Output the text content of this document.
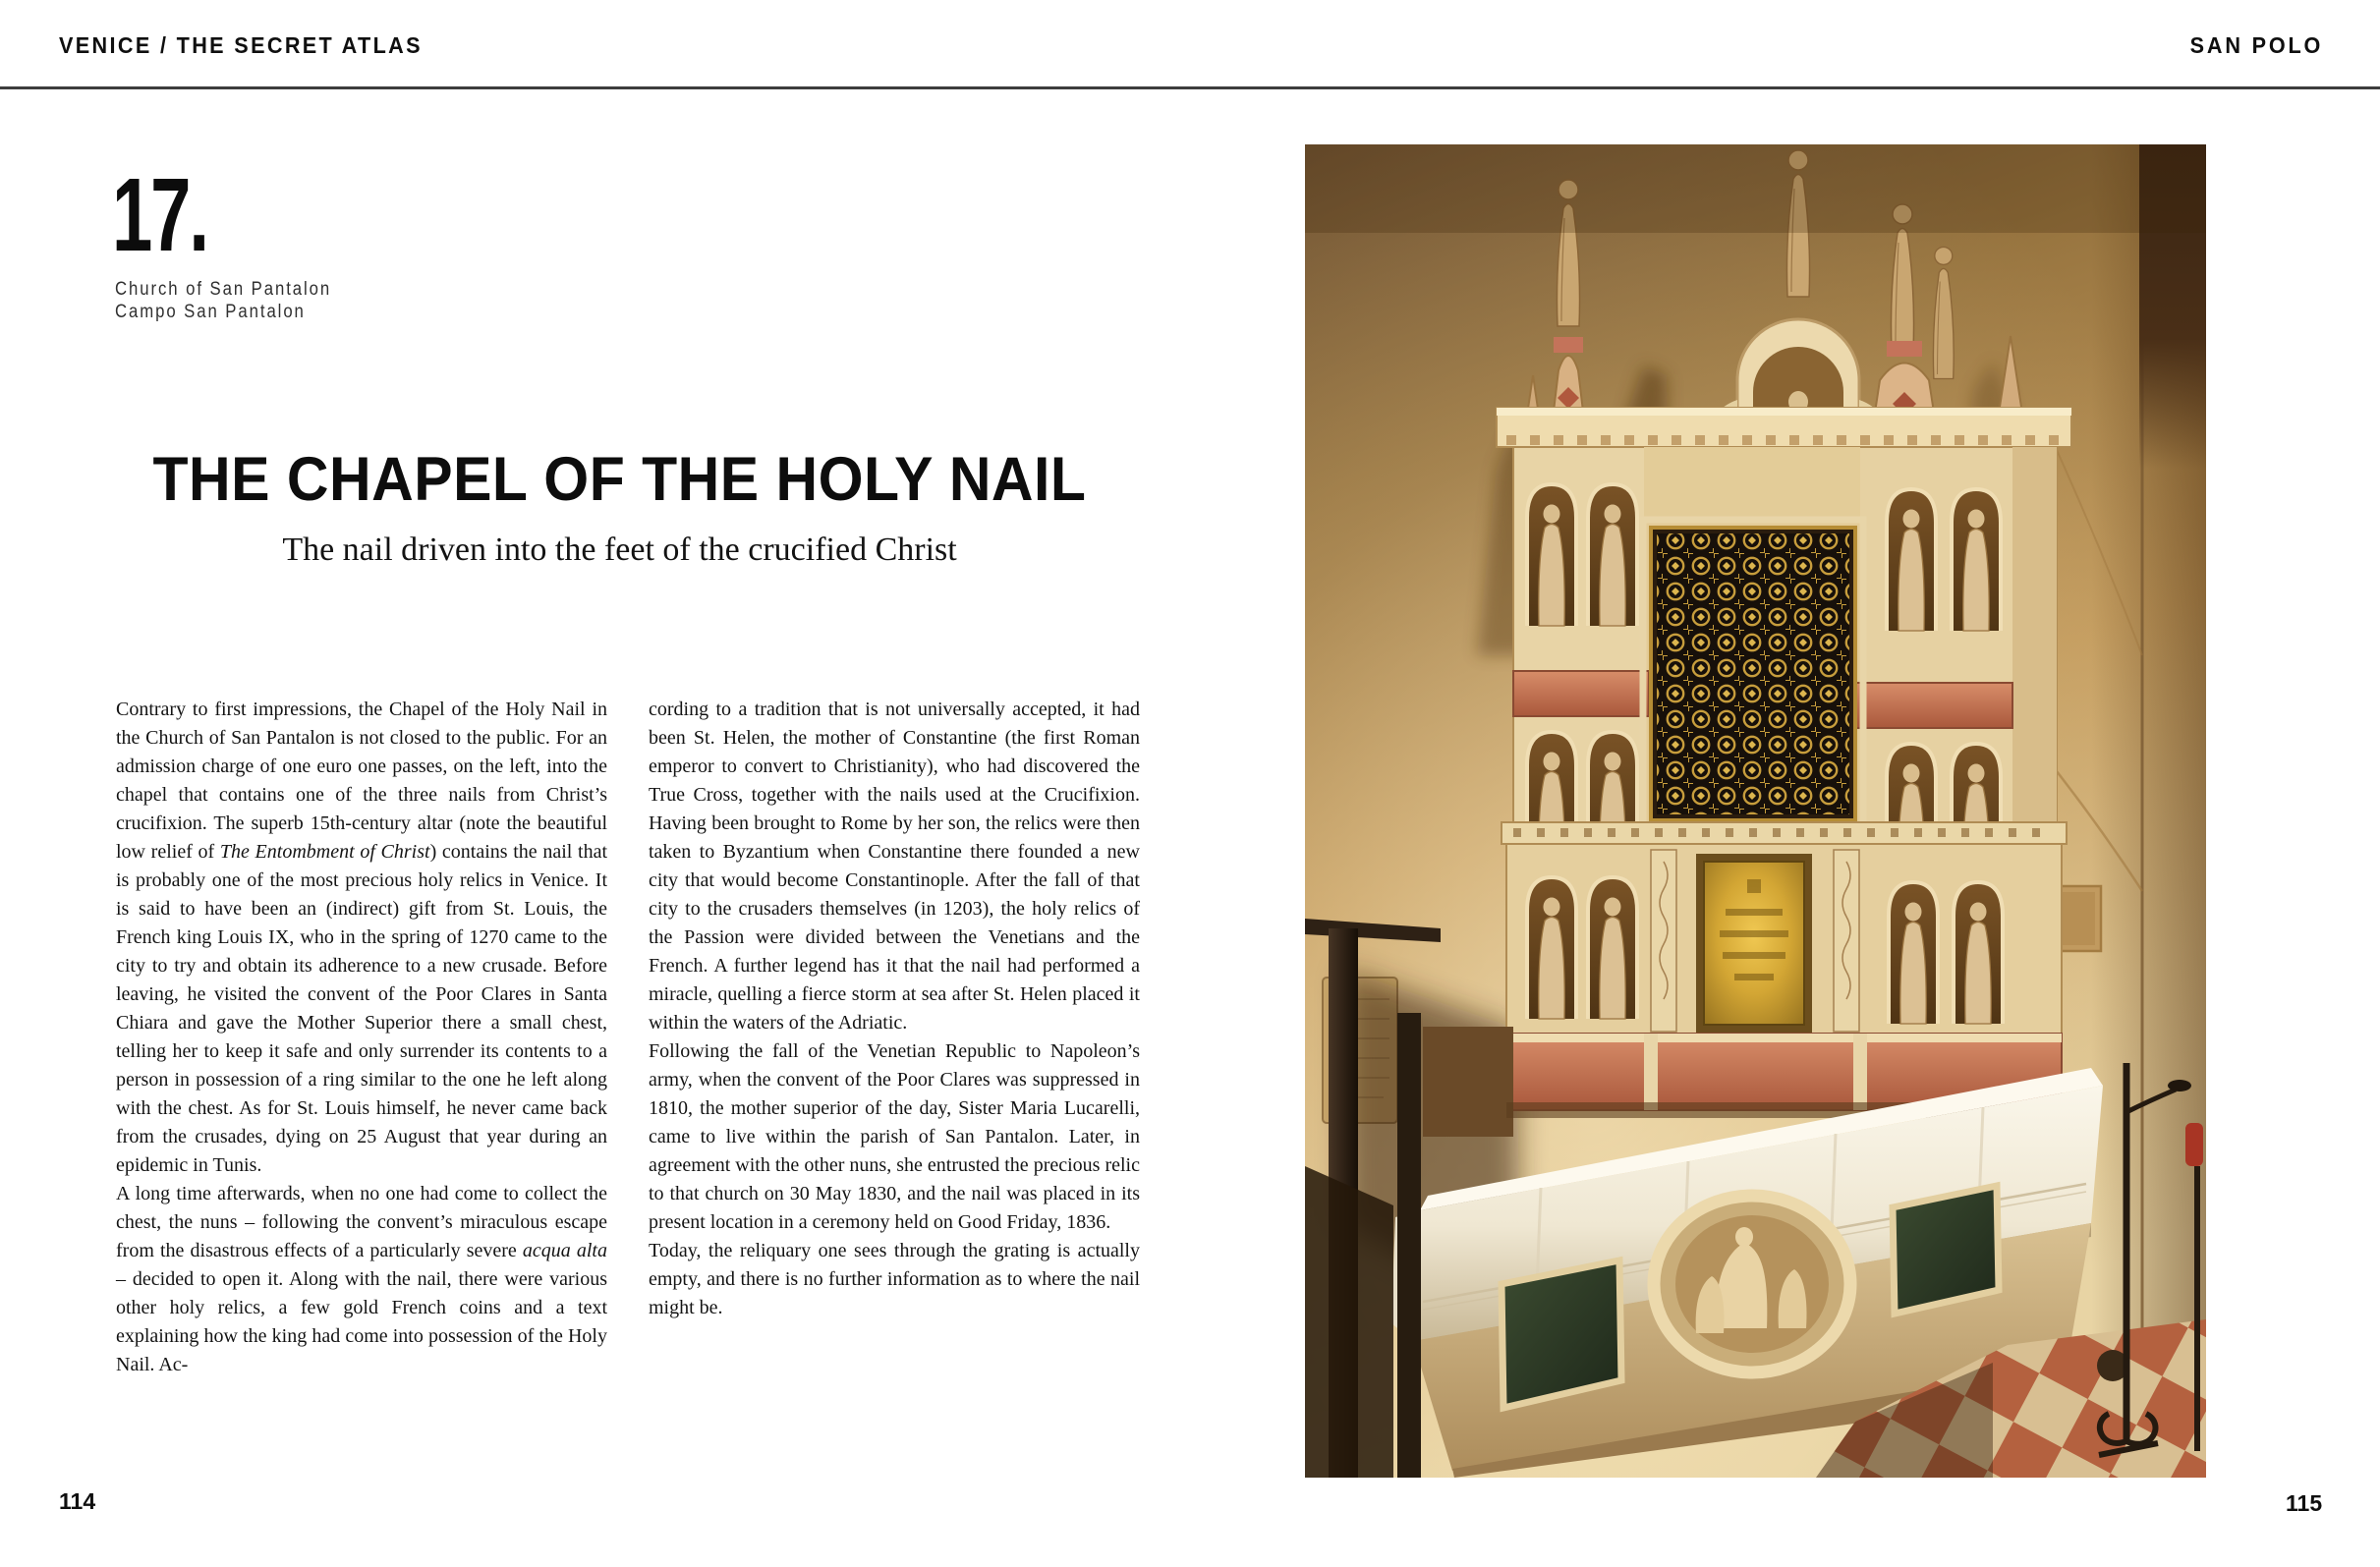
VENICE / THE SECRET ATLAS	SAN POLO
17.
Church of San Pantalon
Campo San Pantalon
THE CHAPEL OF THE HOLY NAIL
The nail driven into the feet of the crucified Christ

Contrary to first impressions, the Chapel of the Holy Nail in the Church of San Pantalon is not closed to the public. For an admission charge of one euro one passes, on the left, into the chapel that contains one of the three nails from Christ’s crucifixion. The superb 15th-century altar (note the beautiful low relief of The Entombment of Christ) contains the nail that is probably one of the most precious holy relics in Venice. It is said to have been an (indirect) gift from St. Louis, the French king Louis IX, who in the spring of 1270 came to the city to try and obtain its adherence to a new crusade. Before leaving, he visited the convent of the Poor Clares in Santa Chiara and gave the Mother Superior there a small chest, telling her to keep it safe and only surrender its contents to a person in possession of a ring similar to the one he left along with the chest. As for St. Louis himself, he never came back from the crusades, dying on 25 August that year during an epidemic in Tunis.

A long time afterwards, when no one had come to collect the chest, the nuns – following the convent’s miraculous escape from the disastrous effects of a particularly severe acqua alta – decided to open it. Along with the nail, there were various other holy relics, a few gold French coins and a text explaining how the king had come into possession of the Holy Nail. Ac-

cording to a tradition that is not universally accepted, it had been St. Helen, the mother of Constantine (the first Roman emperor to convert to Christianity), who had discovered the True Cross, together with the nails used at the Crucifixion. Having been brought to Rome by her son, the relics were then taken to Byzantium when Constantine there founded a new city that would become Constantinople. After the fall of that city to the crusaders themselves (in 1203), the holy relics of the Passion were divided between the Venetians and the French. A further legend has it that the nail had performed a miracle, quelling a fierce storm at sea after St. Helen placed it within the waters of the Adriatic.

Following the fall of the Venetian Republic to Napoleon’s army, when the convent of the Poor Clares was suppressed in 1810, the mother superior of the day, Sister Maria Lucarelli, came to live within the parish of San Pantalon. Later, in agreement with the other nuns, she entrusted the precious relic to that church on 30 May 1830, and the nail was placed in its present location in a ceremony held on Good Friday, 1836.

Today, the reliquary one sees through the grating is actually empty, and there is no further information as to where the nail might be.

114	115
